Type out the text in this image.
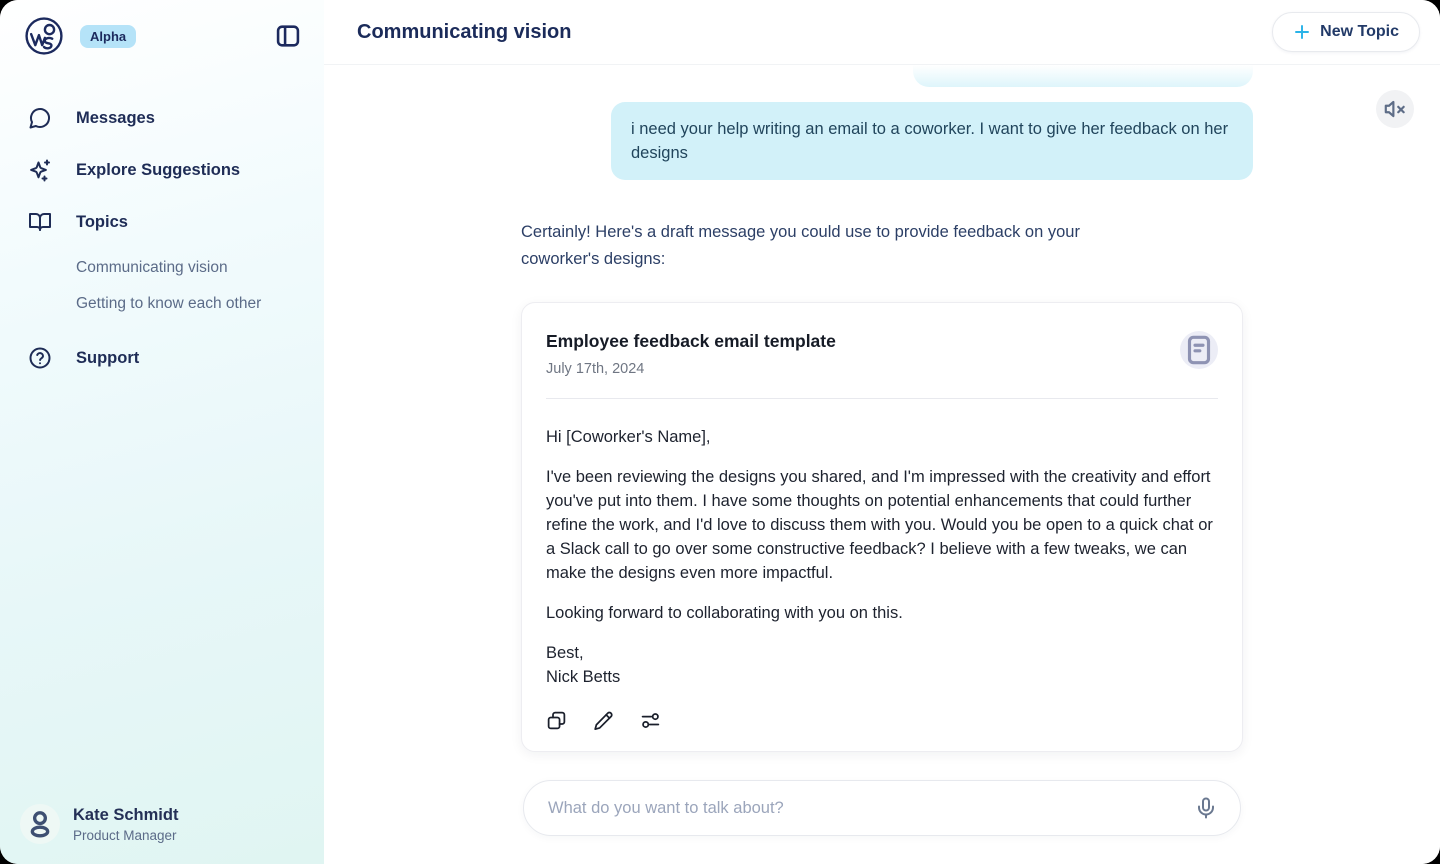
Alpha
Messages
Explore Suggestions
Topics
Communicating vision
Getting to know each other
Support
Kate Schmidt
Product Manager
Communicating vision	New Topic
i need your help writing an email to a coworker. I want to give her feedback on her designs
Certainly! Here's a draft message you could use to provide feedback on your coworker's designs:
Employee feedback email template
July 17th, 2024

Hi [Coworker's Name],

I've been reviewing the designs you shared, and I'm impressed with the creativity and effort you've put into them. I have some thoughts on potential enhancements that could further refine the work, and I'd love to discuss them with you. Would you be open to a quick chat or a Slack call to go over some constructive feedback? I believe with a few tweaks, we can make the designs even more impactful.

Looking forward to collaborating with you on this.

Best,
Nick Betts
What do you want to talk about?
